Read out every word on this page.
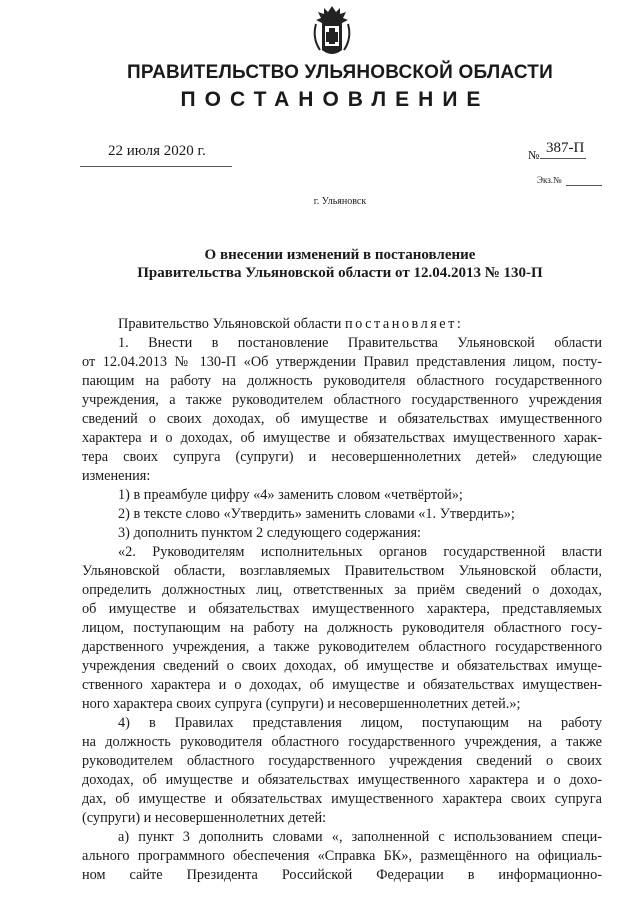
ПРАВИТЕЛЬСТВО УЛЬЯНОВСКОЙ ОБЛАСТИ
ПОСТАНОВЛЕНИЕ
22 июля 2020 г.	№ 387-П
Экз.№
г. Ульяновск
О внесении изменений в постановление
Правительства Ульяновской области от 12.04.2013 № 130-П
Правительство Ульяновской области постановляет:
1. Внести в постановление Правительства Ульяновской области
от 12.04.2013 № 130-П «Об утверждении Правил представления лицом, посту-
пающим на работу на должность руководителя областного государственного
учреждения, а также руководителем областного государственного учреждения
сведений о своих доходах, об имуществе и обязательствах имущественного
характера и о доходах, об имуществе и обязательствах имущественного харак-
тера своих супруга (супруги) и несовершеннолетних детей» следующие
изменения:
1) в преамбуле цифру «4» заменить словом «четвёртой»;
2) в тексте слово «Утвердить» заменить словами «1. Утвердить»;
3) дополнить пунктом 2 следующего содержания:
«2. Руководителям исполнительных органов государственной власти
Ульяновской области, возглавляемых Правительством Ульяновской области,
определить должностных лиц, ответственных за приём сведений о доходах,
об имуществе и обязательствах имущественного характера, представляемых
лицом, поступающим на работу на должность руководителя областного госу-
дарственного учреждения, а также руководителем областного государственного
учреждения сведений о своих доходах, об имуществе и обязательствах имуще-
ственного характера и о доходах, об имуществе и обязательствах имуществен-
ного характера своих супруга (супруги) и несовершеннолетних детей.»;
4) в Правилах представления лицом, поступающим на работу
на должность руководителя областного государственного учреждения, а также
руководителем областного государственного учреждения сведений о своих
доходах, об имуществе и обязательствах имущественного характера и о дохо-
дах, об имуществе и обязательствах имущественного характера своих супруга
(супруги) и несовершеннолетних детей:
а) пункт 3 дополнить словами «, заполненной с использованием специ-
ального программного обеспечения «Справка БК», размещённого на официаль-
ном сайте Президента Российской Федерации в информационно-
